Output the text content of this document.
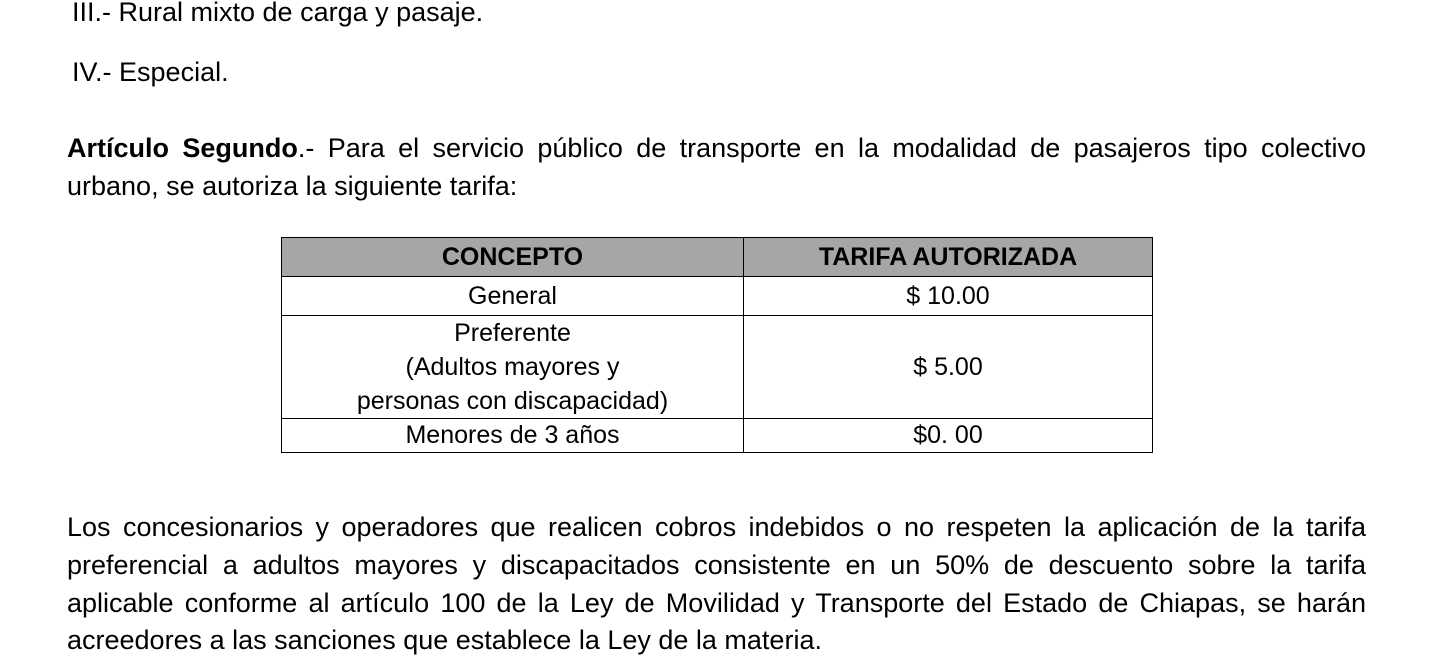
III.- Rural mixto de carga y pasaje.
IV.- Especial.
Artículo Segundo.- Para el servicio público de transporte en la modalidad de pasajeros tipo colectivo
urbano, se autoriza la siguiente tarifa:
CONCEPTO	TARIFA AUTORIZADA
General	$ 10.00

Preferente
(Adultos mayores y
personas con discapacidad)	$ 5.00
Menores de 3 años	$0. 00
Los concesionarios y operadores que realicen cobros indebidos o no respeten la aplicación de la tarifa
preferencial a adultos mayores y discapacitados consistente en un 50% de descuento sobre la tarifa
aplicable conforme al artículo 100 de la Ley de Movilidad y Transporte del Estado de Chiapas, se harán
acreedores a las sanciones que establece la Ley de la materia.
